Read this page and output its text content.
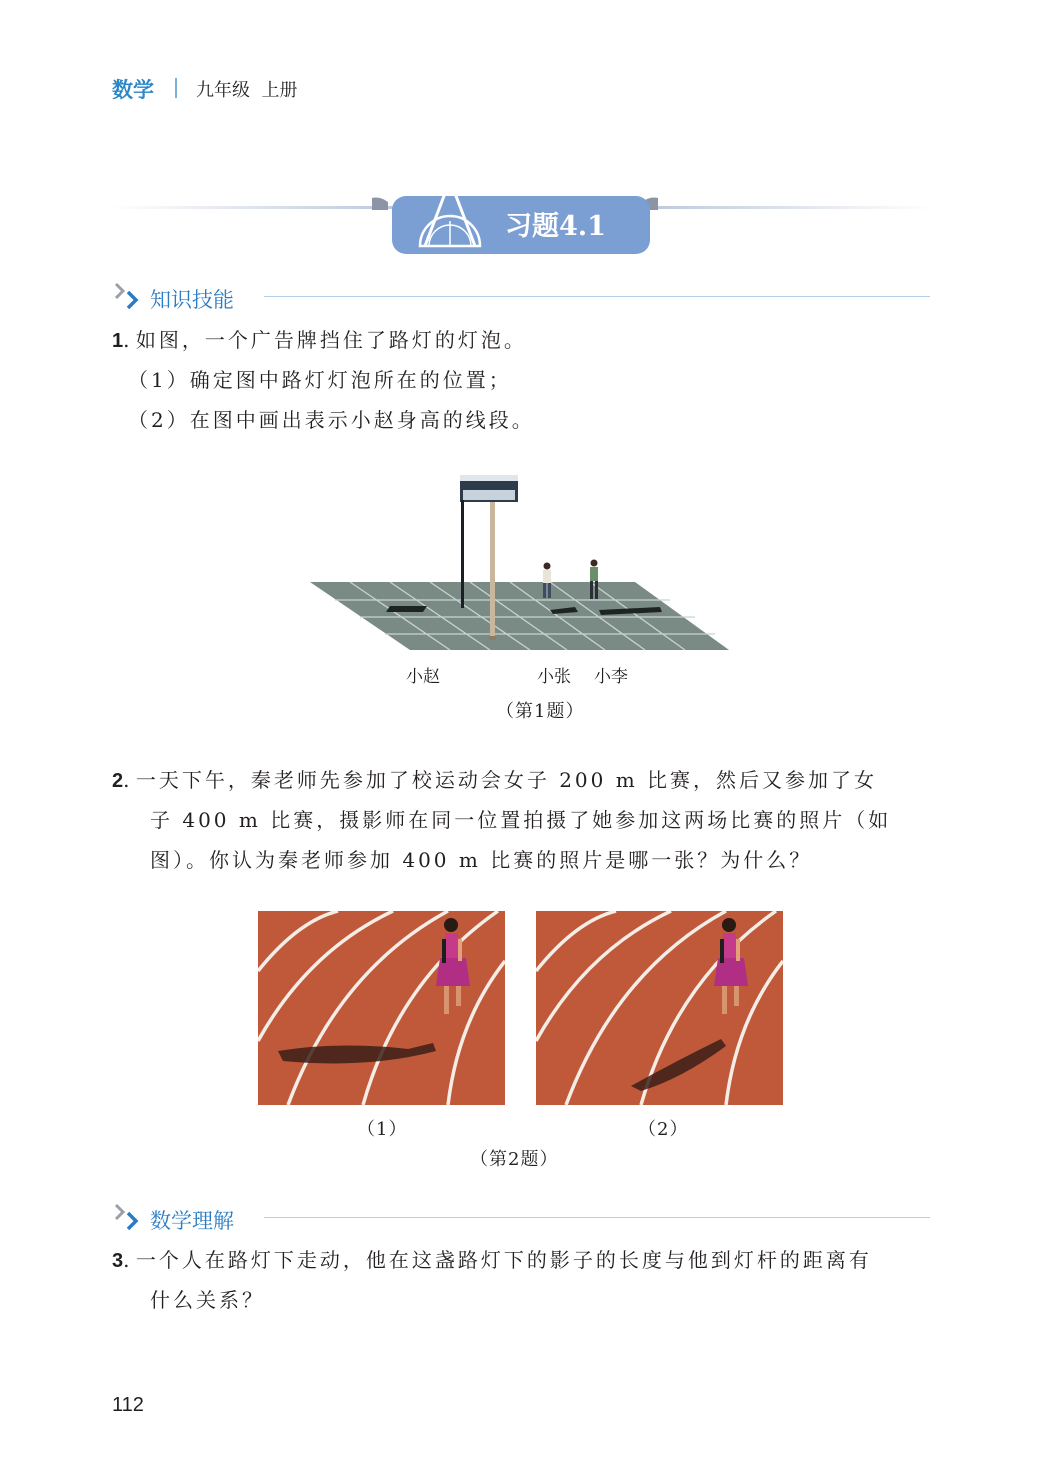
数学 九年级 上册
习题4.1
知识技能
1. 如图，一个广告牌挡住了路灯的灯泡。
（1）确定图中路灯灯泡所在的位置；
（2）在图中画出表示小赵身高的线段。
小赵	小张 小李
（第1题）
2. 一天下午，秦老师先参加了校运动会女子 200 m 比赛，然后又参加了女
子 400 m 比赛，摄影师在同一位置拍摄了她参加这两场比赛的照片（如
图）。你认为秦老师参加 400 m 比赛的照片是哪一张？为什么？
（1）	（2）
（第2题）
数学理解
3. 一个人在路灯下走动，他在这盏路灯下的影子的长度与他到灯杆的距离有
什么关系？
112
